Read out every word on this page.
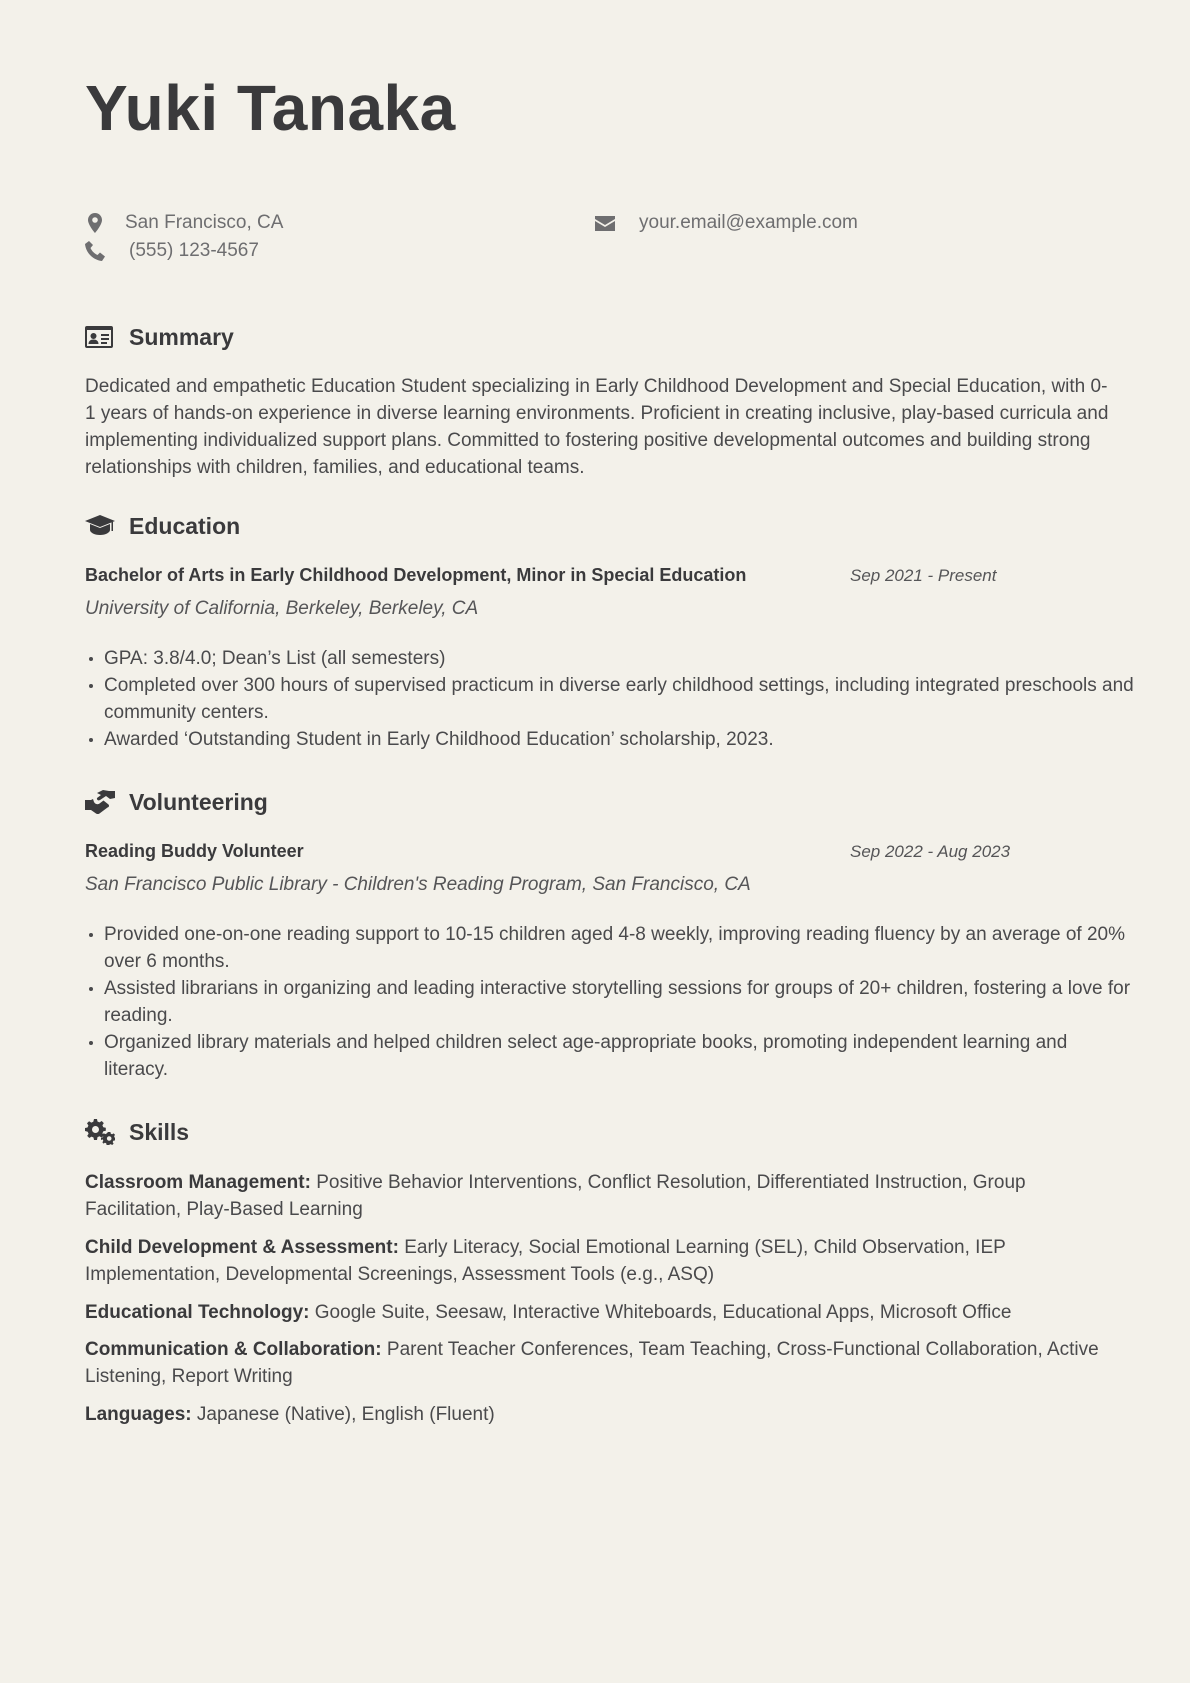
Yuki Tanaka
San Francisco, CA	your.email@example.com
(555) 123-4567
Summary

Dedicated and empathetic Education Student specializing in Early Childhood Development and Special Education, with 0-1 years of hands-on experience in diverse learning environments. Proficient in creating inclusive, play-based curricula and implementing individualized support plans. Committed to fostering positive developmental outcomes and building strong relationships with children, families, and educational teams.

Education

Bachelor of Arts in Early Childhood Development, Minor in Special Education	Sep 2021 - Present

University of California, Berkeley, Berkeley, CA

GPA: 3.8/4.0; Dean’s List (all semesters)
Completed over 300 hours of supervised practicum in diverse early childhood settings, including integrated preschools and community centers.
Awarded ‘Outstanding Student in Early Childhood Education’ scholarship, 2023.
Volunteering

Reading Buddy Volunteer	Sep 2022 - Aug 2023

San Francisco Public Library - Children's Reading Program, San Francisco, CA

Provided one-on-one reading support to 10-15 children aged 4-8 weekly, improving reading fluency by an average of 20% over 6 months.
Assisted librarians in organizing and leading interactive storytelling sessions for groups of 20+ children, fostering a love for reading.
Organized library materials and helped children select age-appropriate books, promoting independent learning and literacy.
Skills

Classroom Management: Positive Behavior Interventions, Conflict Resolution, Differentiated Instruction, Group Facilitation, Play-Based Learning

Child Development & Assessment: Early Literacy, Social Emotional Learning (SEL), Child Observation, IEP Implementation, Developmental Screenings, Assessment Tools (e.g., ASQ)

Educational Technology: Google Suite, Seesaw, Interactive Whiteboards, Educational Apps, Microsoft Office

Communication & Collaboration: Parent Teacher Conferences, Team Teaching, Cross-Functional Collaboration, Active Listening, Report Writing

Languages: Japanese (Native), English (Fluent)
